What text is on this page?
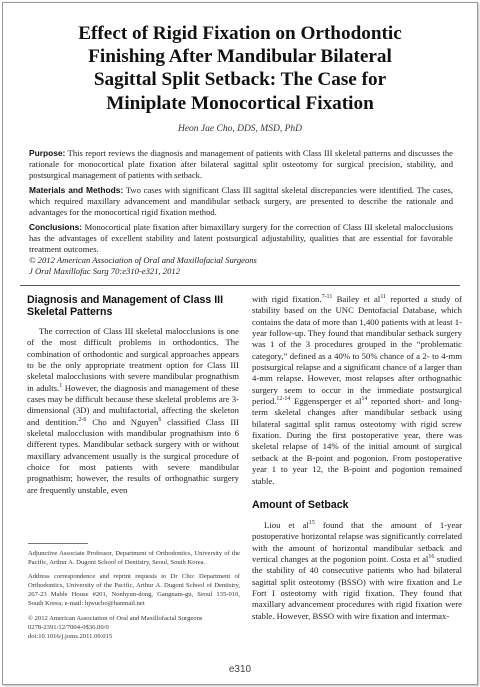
Effect of Rigid Fixation on Orthodontic
Finishing After Mandibular Bilateral
Sagittal Split Setback: The Case for
Miniplate Monocortical Fixation
Heon Jae Cho, DDS, MSD, PhD

Purpose: This report reviews the diagnosis and management of patients with Class III skeletal patterns and discusses the rationale for monocortical plate fixation after bilateral sagittal split osteotomy for surgical precision, stability, and postsurgical management of patients with setback.

Materials and Methods: Two cases with significant Class III sagittal skeletal discrepancies were identified. The cases, which required maxillary advancement and mandibular setback surgery, are presented to describe the rationale and advantages for the monocortical rigid fixation method.

Conclusions: Monocortical plate fixation after bimaxillary surgery for the correction of Class III skeletal malocclusions has the advantages of excellent stability and latent postsurgical adjustability, qualities that are essential for favorable treatment outcomes.

© 2012 American Association of Oral and Maxillofacial Surgeons

J Oral Maxillofac Surg 70:e310-e321, 2012

Diagnosis and Management of Class III Skeletal Patterns

The correction of Class III skeletal malocclusions is one of the most difficult problems in orthodontics. The combination of orthodontic and surgical approaches appears to be the only appropriate treatment option for Class III skeletal malocclusions with severe mandibular prognathism in adults.$^1$ However, the diagnosis and management of these cases may be difficult because these skeletal problems are 3-dimensional (3D) and multifactorial, affecting the skeleton and dentition.$^{2-6}$ Cho and Nguyen$^6$ classified Class III skeletal malocclusion with mandibular prognathism into 6 different types. Mandibular setback surgery with or without maxillary advancement usually is the surgical procedure of choice for most patients with severe mandibular prognathism; however, the results of orthognathic surgery are frequently unstable, even

Adjunctive Associate Professor, Department of Orthodontics, University of the Pacific, Arthur A. Dugoni School of Dentistry, Seoul, South Korea.

Address correspondence and reprint requests to Dr Cho: Department of Orthodontics, University of the Pacific, Arthur A. Dugoni School of Dentistry, 267-23 Mable House #201, Nonhyun-dong, Gangnam-gu, Seoul 135-010, South Korea; e-mail: hjwucho@hanmail.net

© 2012 American Association of Oral and Maxillofacial Surgeons

0278-2391/12/7004-0$36.00/0

doi:10.1016/j.joms.2011.09.015

with rigid fixation.$^{7-11}$ Bailey et $al^{11}$ reported a study of stability based on the UNC Dentofacial Database, which contains the data of more than 1,400 patients with at least 1-year follow-up. They found that mandibular setback surgery was 1 of the 3 procedures grouped in the “problematic category,” defined as a 40% to 50% chance of a 2- to 4-mm postsurgical relapse and a significant chance of a larger than 4-mm relapse. However, most relapses after orthognathic surgery seem to occur in the immediate postsurgical period.$^{12-14}$ Eggensperger et $al^{14}$ reported short- and long-term skeletal changes after mandibular setback using bilateral sagittal split ramus osteotomy with rigid screw fixation. During the first postoperative year, there was skeletal relapse of 14% of the initial amount of surgical setback at the B-point and pogonion. From postoperative year 1 to year 12, the B-point and pogonion remained stable.

Amount of Setback

Liou et $al^{15}$ found that the amount of 1-year postoperative horizontal relapse was significantly correlated with the amount of horizontal mandibular setback and vertical changes at the pogonion point. Costa et $al^{16}$ studied the stability of 40 consecutive patients who had bilateral sagittal split osteotomy (BSSO) with wire fixation and Le Fort I osteotomy with rigid fixation. They found that maxillary advancement procedures with rigid fixation were stable. However, BSSO with wire fixation and intermax-

e310
